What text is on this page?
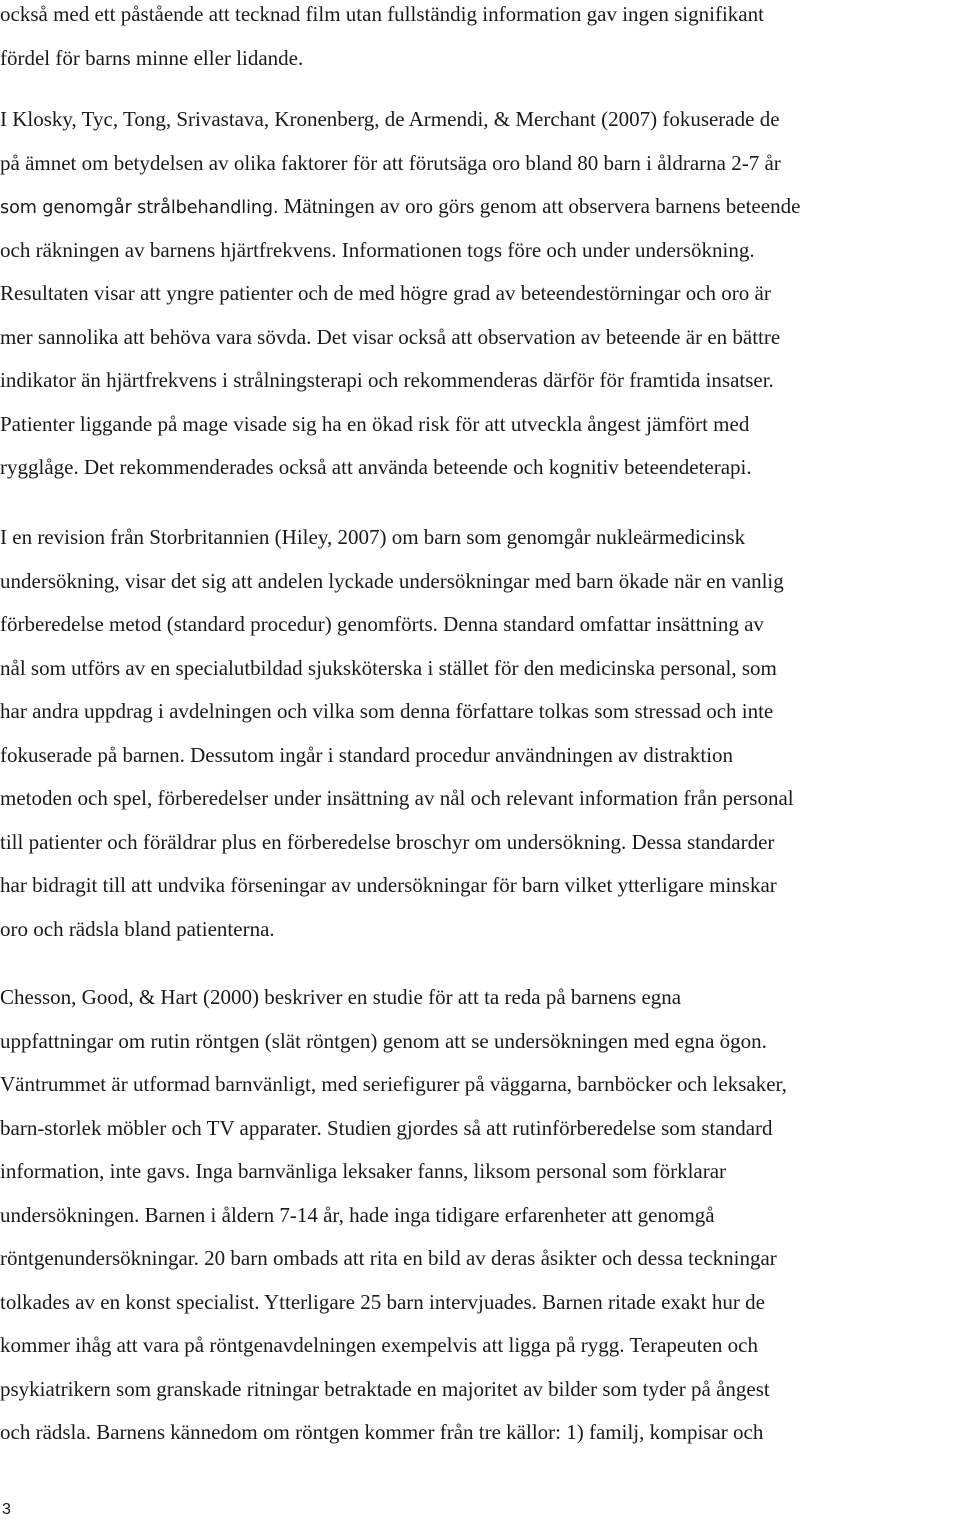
också med ett påstående att tecknad film utan fullständig information gav ingen signifikant

fördel för barns minne eller lidande.

I Klosky, Tyc, Tong, Srivastava, Kronenberg, de Armendi, & Merchant (2007) fokuserade de

på ämnet om betydelsen av olika faktorer för att förutsäga oro bland 80 barn i åldrarna 2-7 år

som genomgår strålbehandling. Mätningen av oro görs genom att observera barnens beteende

och räkningen av barnens hjärtfrekvens. Informationen togs före och under undersökning.

Resultaten visar att yngre patienter och de med högre grad av beteendestörningar och oro är

mer sannolika att behöva vara sövda. Det visar också att observation av beteende är en bättre

indikator än hjärtfrekvens i strålningsterapi och rekommenderas därför för framtida insatser.

Patienter liggande på mage visade sig ha en ökad risk för att utveckla ångest jämfört med

rygglåge. Det rekommenderades också att använda beteende och kognitiv beteendeterapi.

I en revision från Storbritannien (Hiley, 2007) om barn som genomgår nukleärmedicinsk

undersökning, visar det sig att andelen lyckade undersökningar med barn ökade när en vanlig

förberedelse metod (standard procedur) genomförts. Denna standard omfattar insättning av

nål som utförs av en specialutbildad sjuksköterska i stället för den medicinska personal, som

har andra uppdrag i avdelningen och vilka som denna författare tolkas som stressad och inte

fokuserade på barnen. Dessutom ingår i standard procedur användningen av distraktion

metoden och spel, förberedelser under insättning av nål och relevant information från personal

till patienter och föräldrar plus en förberedelse broschyr om undersökning. Dessa standarder

har bidragit till att undvika förseningar av undersökningar för barn vilket ytterligare minskar

oro och rädsla bland patienterna.

Chesson, Good, & Hart (2000) beskriver en studie för att ta reda på barnens egna

uppfattningar om rutin röntgen (slät röntgen) genom att se undersökningen med egna ögon.

Väntrummet är utformad barnvänligt, med seriefigurer på väggarna, barnböcker och leksaker,

barn-storlek möbler och TV apparater. Studien gjordes så att rutinförberedelse som standard

information, inte gavs. Inga barnvänliga leksaker fanns, liksom personal som förklarar

undersökningen. Barnen i åldern 7-14 år, hade inga tidigare erfarenheter att genomgå

röntgenundersökningar. 20 barn ombads att rita en bild av deras åsikter och dessa teckningar

tolkades av en konst specialist. Ytterligare 25 barn intervjuades. Barnen ritade exakt hur de

kommer ihåg att vara på röntgenavdelningen exempelvis att ligga på rygg. Terapeuten och

psykiatrikern som granskade ritningar betraktade en majoritet av bilder som tyder på ångest

och rädsla. Barnens kännedom om röntgen kommer från tre källor: 1) familj, kompisar och

3
